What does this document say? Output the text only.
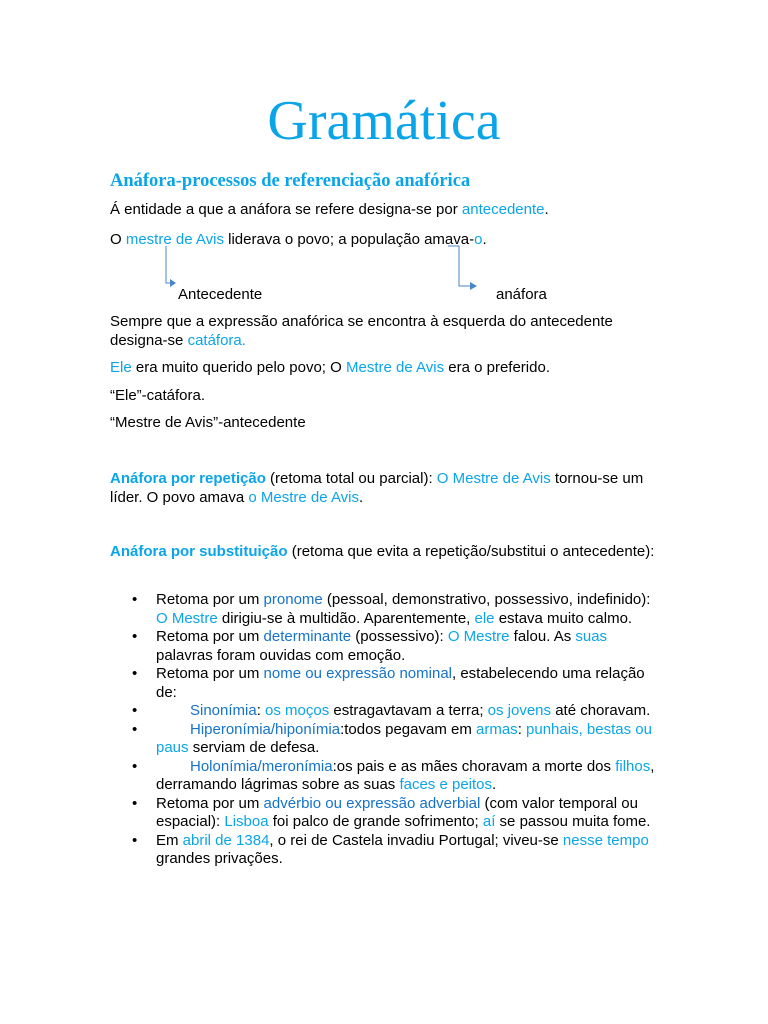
Gramática
Anáfora-processos de referenciação anafórica

Á entidade a que a anáfora se refere designa-se por antecedente.

O mestre de Avis liderava o povo; a população amava-o.

Antecedente	anáfora

Sempre que a expressão anafórica se encontra à esquerda do antecedente designa-se catáfora.

Ele era muito querido pelo povo; O Mestre de Avis era o preferido.

“Ele”-catáfora.

“Mestre de Avis”-antecedente

Anáfora por repetição (retoma total ou parcial): O Mestre de Avis tornou-se um líder. O povo amava o Mestre de Avis.

Anáfora por substituição (retoma que evita a repetição/substitui o antecedente):

• Retoma por um pronome (pessoal, demonstrativo, possessivo, indefinido): O Mestre dirigiu-se à multidão. Aparentemente, ele estava muito calmo.
• Retoma por um determinante (possessivo): O Mestre falou. As suas palavras foram ouvidas com emoção.
• Retoma por um nome ou expressão nominal, estabelecendo uma relação de:
•	Sinonímia: os moços estragavtavam a terra; os jovens até choravam.
•	Hiperonímia/hiponímia:todos pegavam em armas: punhais, bestas ou paus serviam de defesa.
•	Holonímia/meronímia:os pais e as mães choravam a morte dos filhos, derramando lágrimas sobre as suas faces e peitos.
• Retoma por um advérbio ou expressão adverbial (com valor temporal ou espacial): Lisboa foi palco de grande sofrimento; aí se passou muita fome.
• Em abril de 1384, o rei de Castela invadiu Portugal; viveu-se nesse tempo grandes privações.
